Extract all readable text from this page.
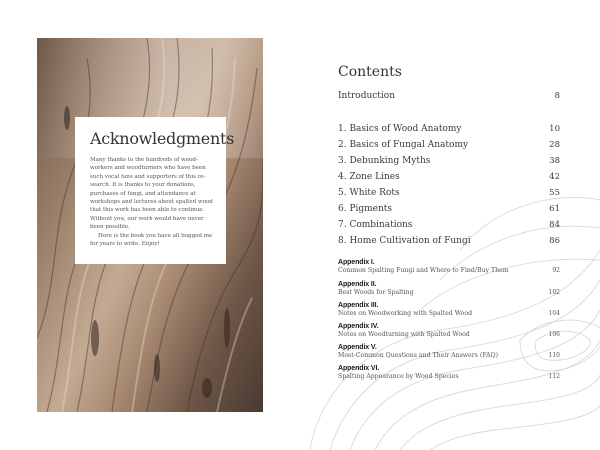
Acknowledgments
Many thanks to the hundreds of wood-
workers and woodturners who have been
such vocal fans and supporters of this re-
search. It is thanks to your donations,
purchases of fungi, and attendance at
workshops and lectures about spalted wood
that this work has been able to continue.
Without you, our work would have never
been possible.
Here is the book you have all bugged me
for years to write. Enjoy!
Contents
Introduction	8
1. Basics of Wood Anatomy	10
2. Basics of Fungal Anatomy	28
3. Debunking Myths	38
4. Zone Lines	42
5. White Rots	55
6. Pigments	61
7. Combinations	84
8. Home Cultivation of Fungi	86
Appendix I.
Common Spalting Fungi and Where to Find/Buy Them	92
Appendix II.
Best Woods for Spalting	102
Appendix III.
Notes on Woodworking with Spalted Wood	104
Appendix IV.
Notes on Woodturning with Spalted Wood	106
Appendix V.
Most-Common Questions and Their Answers (FAQ)	110
Appendix VI.
Spalting Appearance by Wood Species	112
